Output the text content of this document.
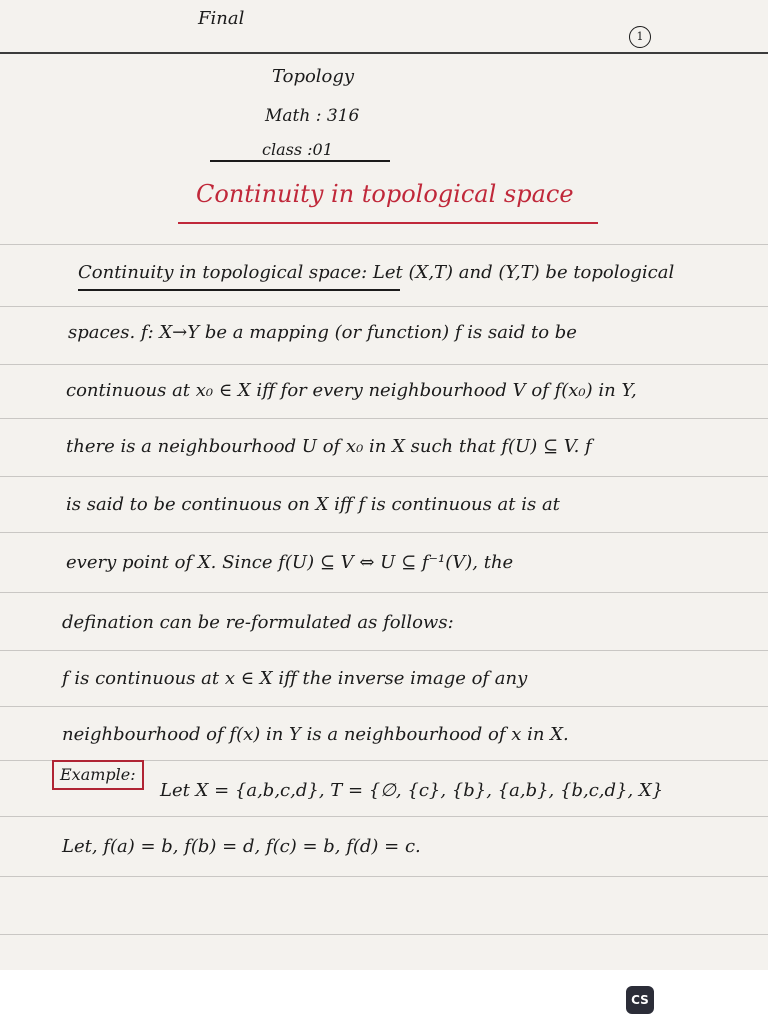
Final
1
Topology
Math : 316
class :01
Continuity in topological space
Continuity in topological space: Let (X,T) and (Y,T) be topological
spaces. f: X→Y be a mapping (or function) f is said to be
continuous at x₀ ∈ X iff for every neighbourhood V of f(x₀) in Y,
there is a neighbourhood U of x₀ in X such that f(U) ⊆ V. f
is said to be continuous on X iff f is continuous at is at
every point of X. Since f(U) ⊆ V ⇔ U ⊆ f⁻¹(V), the
defination can be re-formulated as follows:
f is continuous at x ∈ X iff the inverse image of any
neighbourhood of f(x) in Y is a neighbourhood of x in X.
Example:
Let X = {a,b,c,d}, T = {∅, {c}, {b}, {a,b}, {b,c,d}, X}
Let, f(a) = b, f(b) = d, f(c) = b, f(d) = c.
CS
